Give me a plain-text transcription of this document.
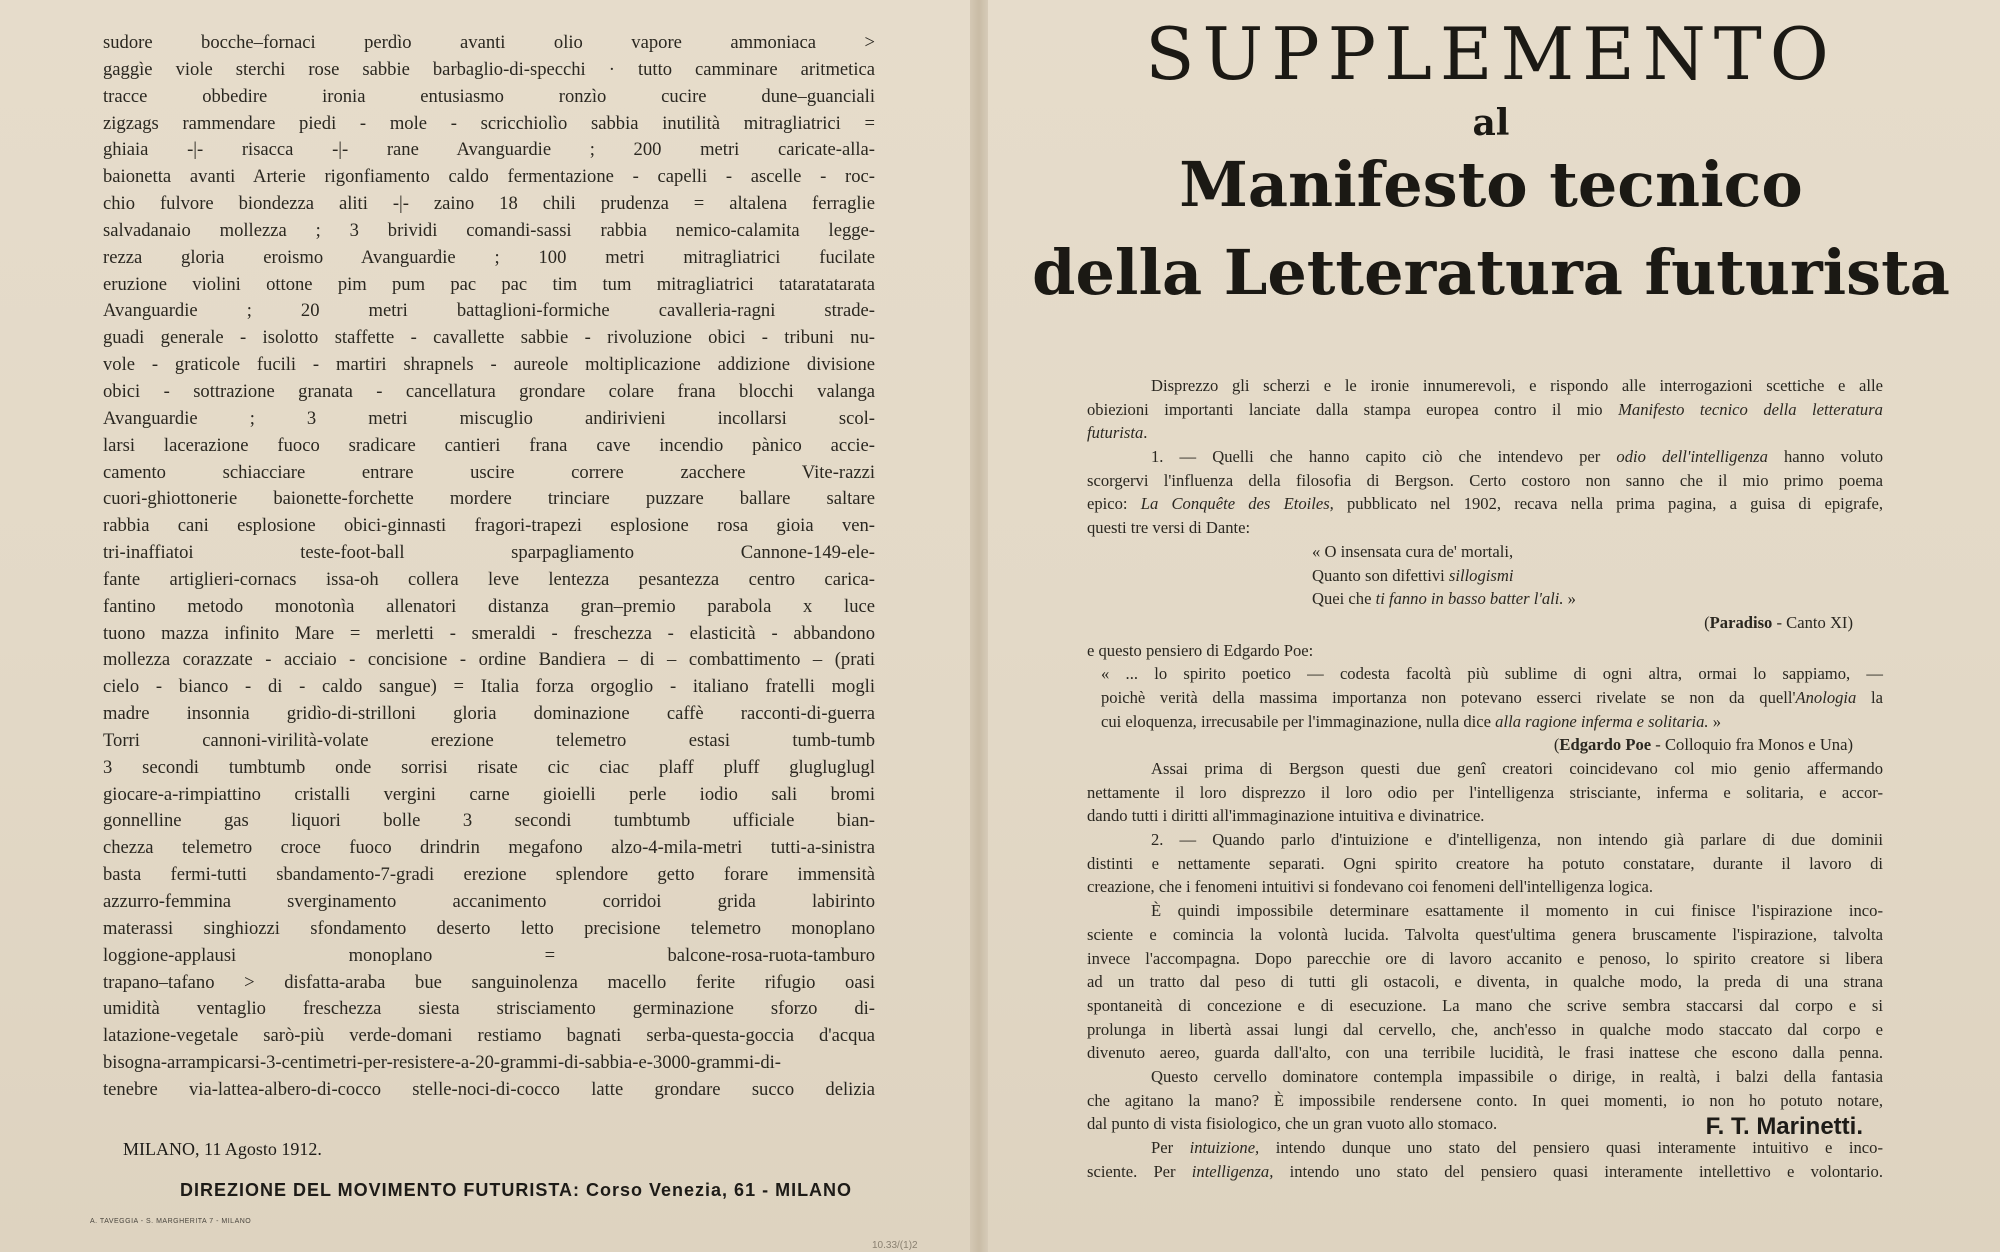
sudore bocche–fornaci perdìo avanti olio vapore ammoniaca >
gaggìe viole sterchi rose sabbie barbaglio-di-specchi · tutto camminare aritmetica
tracce obbedire ironia entusiasmo ronzìo cucire dune–guanciali
zigzags rammendare piedi - mole - scricchiolìo sabbia inutilità mitragliatrici =
ghiaia ‑|‑ risacca ‑|‑ rane Avanguardie ; 200 metri caricate-alla-
baionetta avanti Arterie rigonfiamento caldo fermentazione - capelli - ascelle - roc-
chio fulvore biondezza aliti ‑|‑ zaino 18 chili prudenza = altalena ferraglie
salvadanaio mollezza ; 3 brividi comandi-sassi rabbia nemico-calamita legge-
rezza gloria eroismo Avanguardie ; 100 metri mitragliatrici fucilate
eruzione violini ottone pim pum pac pac tim tum mitragliatrici tataratatarata
Avanguardie ; 20 metri battaglioni-formiche cavalleria-ragni strade-
guadi generale - isolotto staffette - cavallette sabbie - rivoluzione obici - tribuni nu-
vole - graticole fucili - martiri shrapnels - aureole moltiplicazione addizione divisione
obici - sottrazione granata - cancellatura grondare colare frana blocchi valanga
Avanguardie ; 3 metri miscuglio andirivieni incollarsi scol-
larsi lacerazione fuoco sradicare cantieri frana cave incendio pànico accie-
camento schiacciare entrare uscire correre zacchere Vite-razzi
cuori-ghiottonerie baionette-forchette mordere trinciare puzzare ballare saltare
rabbia cani esplosione obici-ginnasti fragori-trapezi esplosione rosa gioia ven-
tri-inaffiatoi teste-foot-ball sparpagliamento Cannone-149-ele-
fante artiglieri-cornacs issa-oh collera leve lentezza pesantezza centro carica-
fantino metodo monotonìa allenatori distanza gran–premio parabola x luce
tuono mazza infinito Mare = merletti - smeraldi - freschezza - elasticità - abbandono
mollezza corazzate - acciaio - concisione - ordine Bandiera – di – combattimento – (prati
cielo - bianco - di - caldo sangue) = Italia forza orgoglio - italiano fratelli mogli
madre insonnia gridìo-di-strilloni gloria dominazione caffè racconti-di-guerra
Torri cannoni-virilità-volate erezione telemetro estasi tumb-tumb
3 secondi tumbtumb onde sorrisi risate cic ciac plaff pluff glugluglugl
giocare-a-rimpiattino cristalli vergini carne gioielli perle iodio sali bromi
gonnelline gas liquori bolle 3 secondi tumbtumb ufficiale bian-
chezza telemetro croce fuoco drindrin megafono alzo-4-mila-metri tutti-a-sinistra
basta fermi-tutti sbandamento-7-gradi erezione splendore getto forare immensità
azzurro-femmina sverginamento accanimento corridoi grida labirinto
materassi singhiozzi sfondamento deserto letto precisione telemetro monoplano
loggione-applausi monoplano = balcone-rosa-ruota-tamburo
trapano–tafano > disfatta-araba bue sanguinolenza macello ferite rifugio oasi
umidità ventaglio freschezza siesta strisciamento germinazione sforzo di-
latazione-vegetale sarò-più verde-domani restiamo bagnati serba-questa-goccia d'acqua
bisogna-arrampicarsi-3-centimetri-per-resistere-a-20-grammi-di-sabbia-e-3000-grammi-di-
tenebre via-lattea-albero-di-cocco stelle-noci-di-cocco latte grondare succo delizia
F. T. Marinetti.
MILANO, 11 Agosto 1912.
DIREZIONE DEL MOVIMENTO FUTURISTA: Corso Venezia, 61 - MILANO
A. TAVEGGIA - S. MARGHERITA 7 - MILANO
10.33/(1)2
SUPPLEMENTO
al
Manifesto tecnico
della Letteratura futurista
Disprezzo gli scherzi e le ironie innumerevoli, e rispondo alle interrogazioni scettiche e alle
obiezioni importanti lanciate dalla stampa europea contro il mio Manifesto tecnico della letteratura
futurista.
1. — Quelli che hanno capito ciò che intendevo per odio dell'intelligenza hanno voluto
scorgervi l'influenza della filosofia di Bergson. Certo costoro non sanno che il mio primo poema
epico: La Conquête des Etoiles, pubblicato nel 1902, recava nella prima pagina, a guisa di epigrafe,
questi tre versi di Dante:
« O insensata cura de' mortali,
Quanto son difettivi sillogismi
Quei che ti fanno in basso batter l'ali. »
(Paradiso - Canto XI)
e questo pensiero di Edgardo Poe:
« ... lo spirito poetico — codesta facoltà più sublime di ogni altra, ormai lo sappiamo, —
poichè verità della massima importanza non potevano esserci rivelate se non da quell'Anologia la
cui eloquenza, irrecusabile per l'immaginazione, nulla dice alla ragione inferma e solitaria. »
(Edgardo Poe - Colloquio fra Monos e Una)
Assai prima di Bergson questi due genî creatori coincidevano col mio genio affermando
nettamente il loro disprezzo il loro odio per l'intelligenza strisciante, inferma e solitaria, e accor-
dando tutti i diritti all'immaginazione intuitiva e divinatrice.
2. — Quando parlo d'intuizione e d'intelligenza, non intendo già parlare di due dominii
distinti e nettamente separati. Ogni spirito creatore ha potuto constatare, durante il lavoro di
creazione, che i fenomeni intuitivi si fondevano coi fenomeni dell'intelligenza logica.
È quindi impossibile determinare esattamente il momento in cui finisce l'ispirazione inco-
sciente e comincia la volontà lucida. Talvolta quest'ultima genera bruscamente l'ispirazione, talvolta
invece l'accompagna. Dopo parecchie ore di lavoro accanito e penoso, lo spirito creatore si libera
ad un tratto dal peso di tutti gli ostacoli, e diventa, in qualche modo, la preda di una strana
spontaneità di concezione e di esecuzione. La mano che scrive sembra staccarsi dal corpo e si
prolunga in libertà assai lungi dal cervello, che, anch'esso in qualche modo staccato dal corpo e
divenuto aereo, guarda dall'alto, con una terribile lucidità, le frasi inattese che escono dalla penna.
Questo cervello dominatore contempla impassibile o dirige, in realtà, i balzi della fantasia
che agitano la mano? È impossibile rendersene conto. In quei momenti, io non ho potuto notare,
dal punto di vista fisiologico, che un gran vuoto allo stomaco.
Per intuizione, intendo dunque uno stato del pensiero quasi interamente intuitivo e inco-
sciente. Per intelligenza, intendo uno stato del pensiero quasi interamente intellettivo e volontario.
